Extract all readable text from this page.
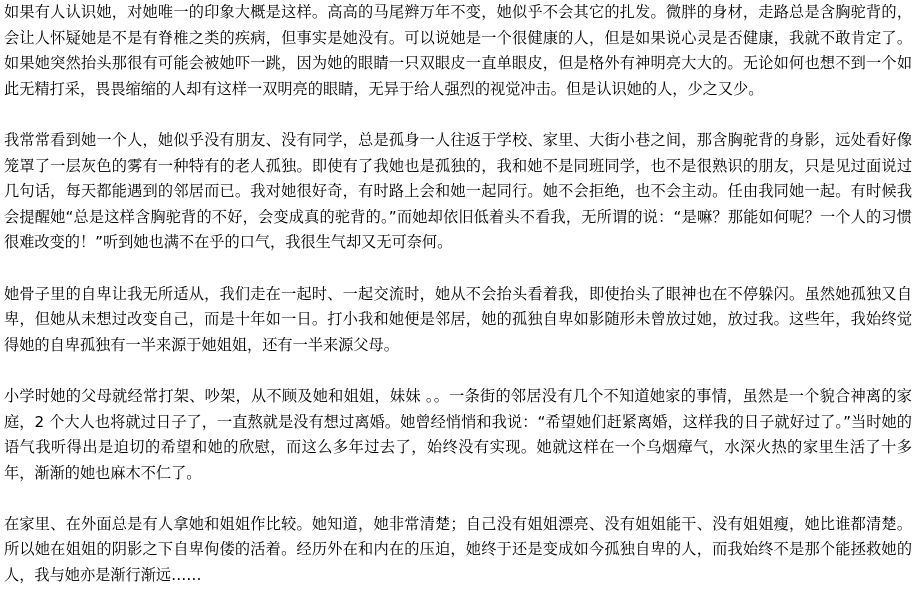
如果有人认识她，对她唯一的印象大概是这样。高高的马尾辫万年不变，她似乎不会其它的扎发。微胖的身材，走路总是含胸驼背的，会让人怀疑她是不是有脊椎之类的疾病，但事实是她没有。可以说她是一个很健康的人，但是如果说心灵是否健康，我就不敢肯定了。如果她突然抬头那很有可能会被她吓一跳，因为她的眼睛一只双眼皮一直单眼皮，但是格外有神明亮大大的。无论如何也想不到一个如此无精打采，畏畏缩缩的人却有这样一双明亮的眼睛，无异于给人强烈的视觉冲击。但是认识她的人，少之又少。

我常常看到她一个人，她似乎没有朋友、没有同学，总是孤身一人往返于学校、家里、大街小巷之间，那含胸驼背的身影，远处看好像笼罩了一层灰色的雾有一种特有的老人孤独。即使有了我她也是孤独的，我和她不是同班同学，也不是很熟识的朋友，只是见过面说过几句话，每天都能遇到的邻居而已。我对她很好奇，有时路上会和她一起同行。她不会拒绝，也不会主动。任由我同她一起。有时候我会提醒她“总是这样含胸驼背的不好，会变成真的驼背的。”而她却依旧低着头不看我，无所谓的说：“是嘛？那能如何呢？一个人的习惯很难改变的！”听到她也满不在乎的口气，我很生气却又无可奈何。

她骨子里的自卑让我无所适从，我们走在一起时、一起交流时，她从不会抬头看着我，即使抬头了眼神也在不停躲闪。虽然她孤独又自卑，但她从未想过改变自己，而是十年如一日。打小我和她便是邻居，她的孤独自卑如影随形未曾放过她，放过我。这些年，我始终觉得她的自卑孤独有一半来源于她姐姐，还有一半来源父母。

小学时她的父母就经常打架、吵架，从不顾及她和姐姐，妹妹 。。一条街的邻居没有几个不知道她家的事情，虽然是一个貌合神离的家庭，2 个大人也将就过日子了，一直熬就是没有想过离婚。她曾经悄悄和我说：“希望她们赶紧离婚，这样我的日子就好过了。”当时她的语气我听得出是迫切的希望和她的欣慰，而这么多年过去了，始终没有实现。她就这样在一个乌烟瘴气，水深火热的家里生活了十多年，渐渐的她也麻木不仁了。

在家里、在外面总是有人拿她和姐姐作比较。她知道，她非常清楚；自己没有姐姐漂亮、没有姐姐能干、没有姐姐瘦，她比谁都清楚。所以她在姐姐的阴影之下自卑佝偻的活着。经历外在和内在的压迫，她终于还是变成如今孤独自卑的人，而我始终不是那个能拯救她的人，我与她亦是渐行渐远……
